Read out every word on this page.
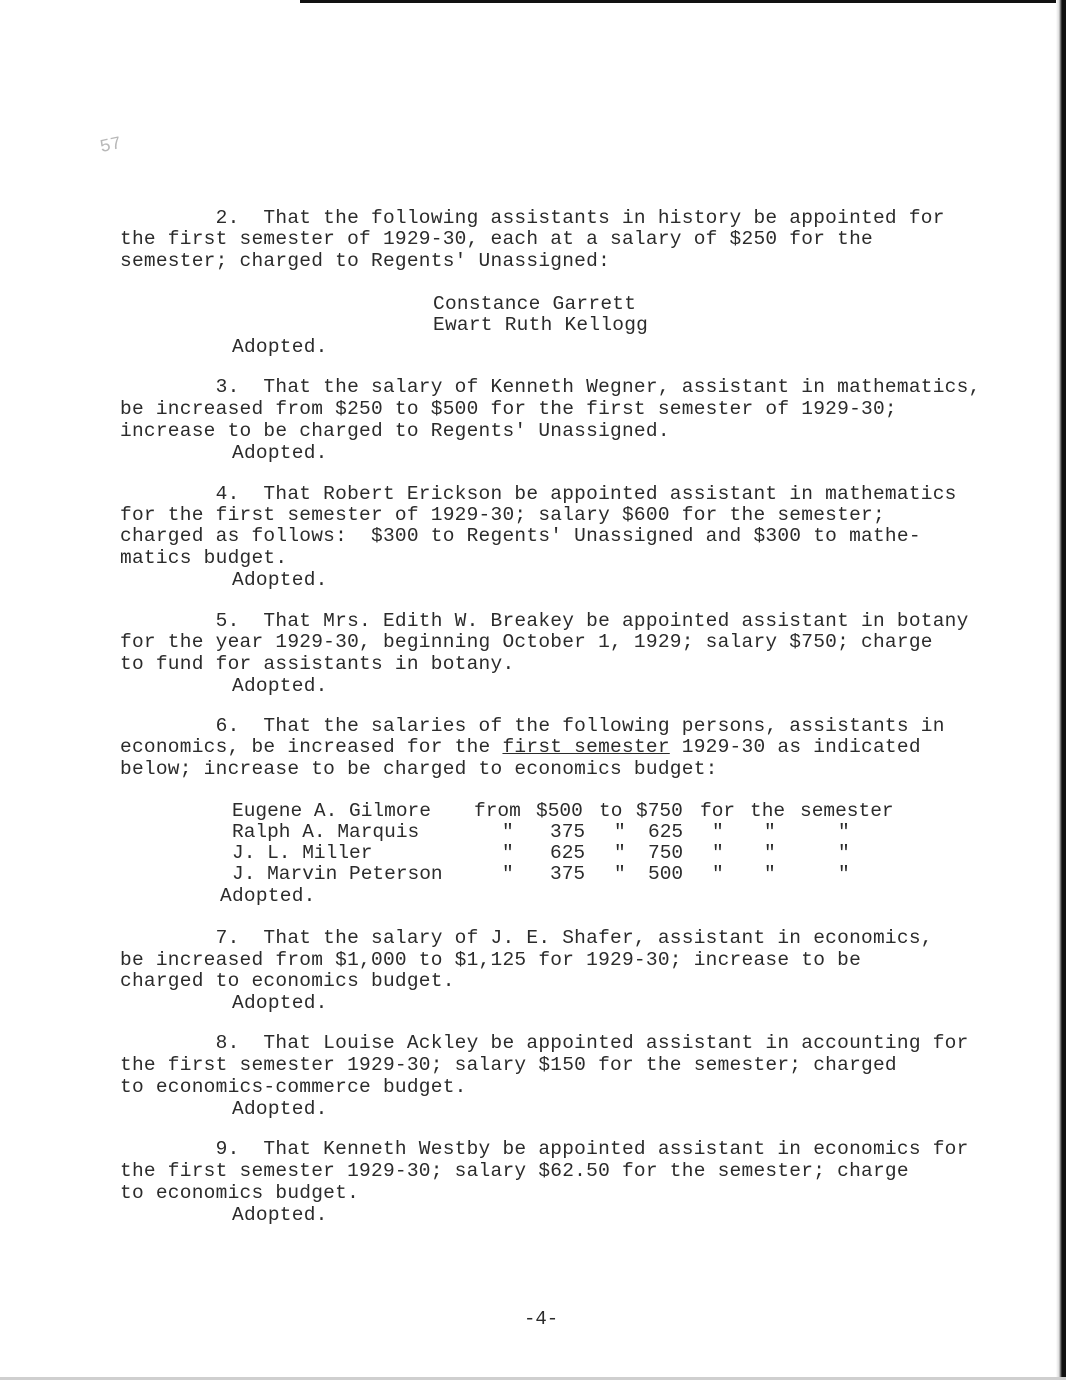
57
2.  That the following assistants in history be appointed for
the first semester of 1929-30, each at a salary of $250 for the
semester; charged to Regents' Unassigned:
Constance Garrett
Ewart Ruth Kellogg
Adopted.
3.  That the salary of Kenneth Wegner, assistant in mathematics,
be increased from $250 to $500 for the first semester of 1929-30;
increase to be charged to Regents' Unassigned.
Adopted.
4.  That Robert Erickson be appointed assistant in mathematics
for the first semester of 1929-30; salary $600 for the semester;
charged as follows:  $300 to Regents' Unassigned and $300 to mathe-
matics budget.
Adopted.
5.  That Mrs. Edith W. Breakey be appointed assistant in botany
for the year 1929-30, beginning October 1, 1929; salary $750; charge
to fund for assistants in botany.
Adopted.
6.  That the salaries of the following persons, assistants in
economics, be increased for the first semester 1929-30 as indicated
below; increase to be charged to economics budget:
Eugene A. Gilmore from $500 to $750 for the semester
Ralph A. Marquis	" 375 " 625 " "	"
J. L. Miller	" 625 " 750 " "	"
J. Marvin Peterson	" 375 " 500 " "	"
Adopted.
7.  That the salary of J. E. Shafer, assistant in economics,
be increased from $1,000 to $1,125 for 1929-30; increase to be
charged to economics budget.
Adopted.
8.  That Louise Ackley be appointed assistant in accounting for
the first semester 1929-30; salary $150 for the semester; charged
to economics-commerce budget.
Adopted.
9.  That Kenneth Westby be appointed assistant in economics for
the first semester 1929-30; salary $62.50 for the semester; charge
to economics budget.
Adopted.
-4-
